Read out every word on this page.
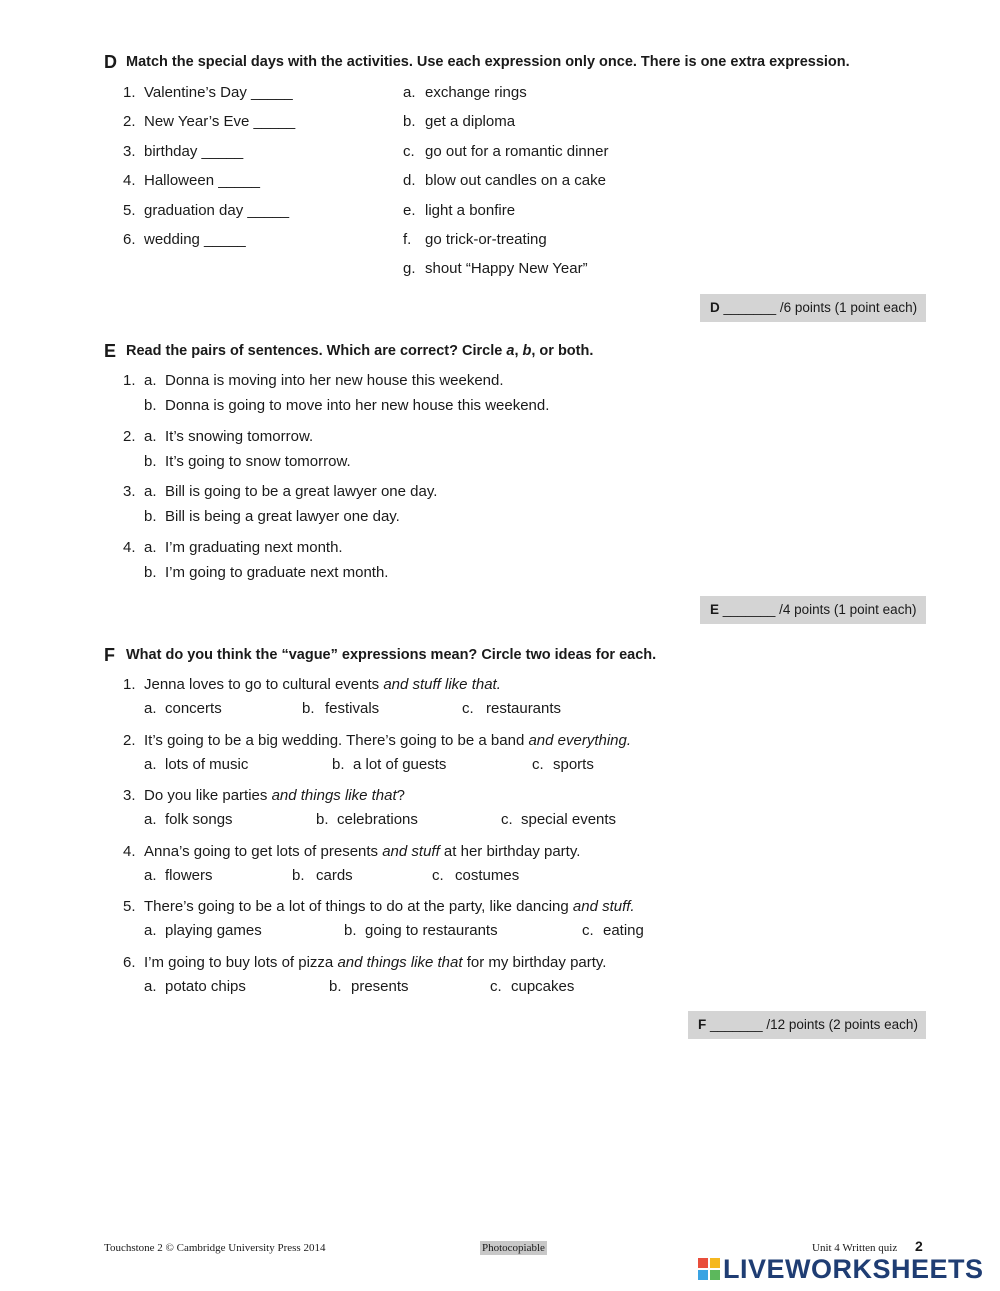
D Match the special days with the activities. Use each expression only once. There is one extra expression.
1. Valentine’s Day _____
2. New Year’s Eve _____
3. birthday _____
4. Halloween _____
5. graduation day _____
6. wedding _____
a. exchange rings
b. get a diploma
c. go out for a romantic dinner
d. blow out candles on a cake
e. light a bonfire
f. go trick-or-treating
g. shout “Happy New Year”
D _______ /6 points (1 point each)
E Read the pairs of sentences. Which are correct? Circle a, b, or both.
1. a. Donna is moving into her new house this weekend.
b. Donna is going to move into her new house this weekend.
2. a. It’s snowing tomorrow.
b. It’s going to snow tomorrow.
3. a. Bill is going to be a great lawyer one day.
b. Bill is being a great lawyer one day.
4. a. I’m graduating next month.
b. I’m going to graduate next month.
E _______ /4 points (1 point each)
F What do you think the “vague” expressions mean? Circle two ideas for each.
1. Jenna loves to go to cultural events and stuff like that.
a. concerts	b. festivals	c. restaurants
2. It’s going to be a big wedding. There’s going to be a band and everything.
a. lots of music	b. a lot of guests	c. sports
3. Do you like parties and things like that?
a. folk songs	b. celebrations	c. special events
4. Anna’s going to get lots of presents and stuff at her birthday party.
a. flowers	b. cards	c. costumes
5. There’s going to be a lot of things to do at the party, like dancing and stuff.
a. playing games	b. going to restaurants	c. eating
6. I’m going to buy lots of pizza and things like that for my birthday party.
a. potato chips	b. presents	c. cupcakes
F _______ /12 points (2 points each)
Touchstone 2 © Cambridge University Press 2014	Photocopiable	Unit 4 Written quiz 2
LIVEWORKSHEETS
